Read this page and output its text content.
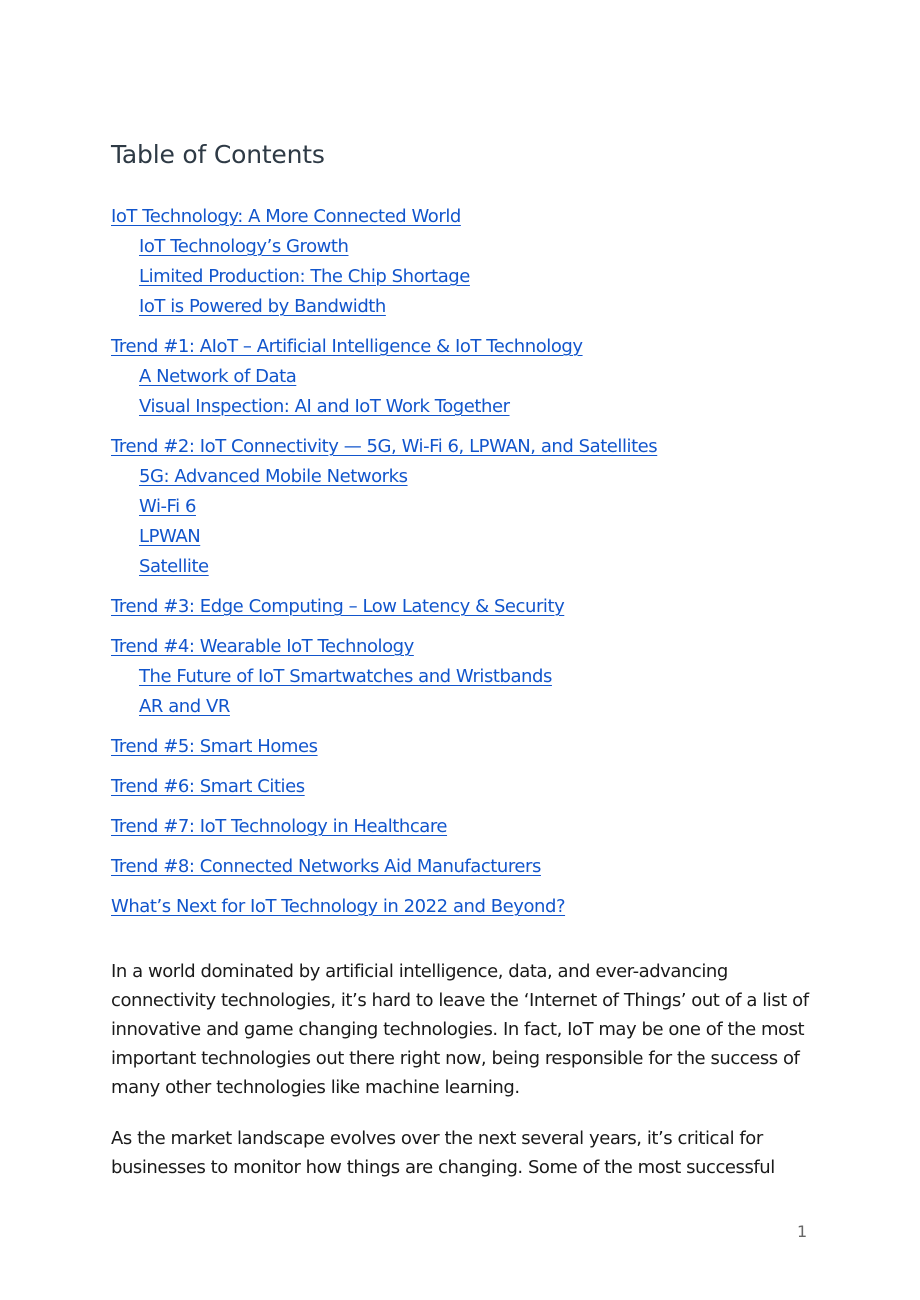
Table of Contents
IoT Technology: A More Connected World
IoT Technology’s Growth
Limited Production: The Chip Shortage
IoT is Powered by Bandwidth
Trend #1: AIoT – Artificial Intelligence & IoT Technology
A Network of Data
Visual Inspection: AI and IoT Work Together
Trend #2: IoT Connectivity — 5G, Wi-Fi 6, LPWAN, and Satellites
5G: Advanced Mobile Networks
Wi-Fi 6
LPWAN
Satellite
Trend #3: Edge Computing – Low Latency & Security
Trend #4: Wearable IoT Technology
The Future of IoT Smartwatches and Wristbands
AR and VR
Trend #5: Smart Homes
Trend #6: Smart Cities
Trend #7: IoT Technology in Healthcare
Trend #8: Connected Networks Aid Manufacturers
What’s Next for IoT Technology in 2022 and Beyond?

In a world dominated by artificial intelligence, data, and ever-advancing connectivity technologies, it’s hard to leave the ‘Internet of Things’ out of a list of innovative and game changing technologies. In fact, IoT may be one of the most important technologies out there right now, being responsible for the success of many other technologies like machine learning.

As the market landscape evolves over the next several years, it’s critical for businesses to monitor how things are changing. Some of the most successful

1
